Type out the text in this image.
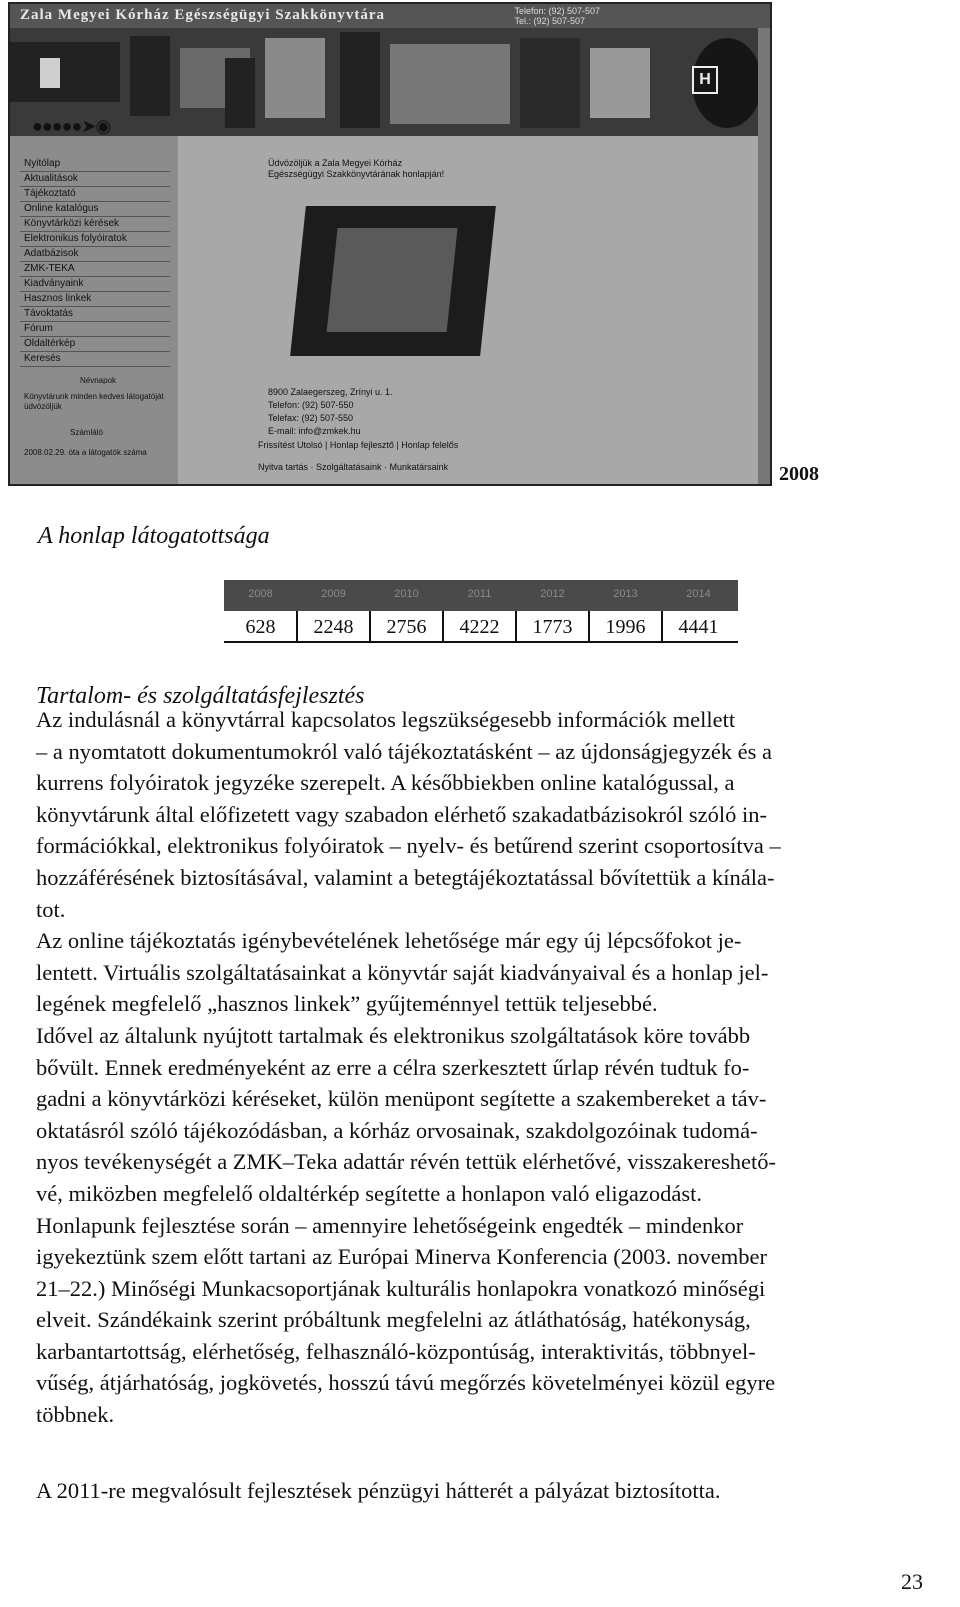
Zala Megyei Kórház Egészségügyi Szakkönyvtára	Telefon: (92) 507-507
Tel.: (92) 507-507
H
●●●●●➤◉
Nyitólap
Aktualitások
Tájékoztató
Online katalógus
Könyvtárközi kérések
Elektronikus folyóiratok
Adatbázisok
ZMK-TEKA
Kiadványaink
Hasznos linkek
Távoktatás
Fórum
Oldaltérkép
Keresés
Névnapok
Könyvtárunk minden kedves látogatóját
üdvözöljük
Számláló
2008.02.29. óta a látogatók száma
Üdvözöljük a Zala Megyei Kórház
Egészségügyi Szakkönyvtárának honlapján!
8900 Zalaegerszeg, Zrínyi u. 1.
Telefon: (92) 507-550
Telefax: (92) 507-550
E-mail: info@zmkek.hu
Frissítést Utolsó | Honlap fejlesztő | Honlap felelős
Nyitva tartás · Szolgáltatásaink · Munkatársaink	2008
A honlap látogatottsága
2008	2009	2010	2011	2012	2013	2014
628	2248	2756	4222	1773	1996	4441
Tartalom- és szolgáltatásfejlesztés
Az indulásnál a könyvtárral kapcsolatos legszükségesebb információk mellett
– a nyomtatott dokumentumokról való tájékoztatásként – az újdonságjegyzék és a
kurrens folyóiratok jegyzéke szerepelt. A későbbiekben online katalógussal, a
könyvtárunk által előfizetett vagy szabadon elérhető szakadatbázisokról szóló in-
formációkkal, elektronikus folyóiratok – nyelv- és betűrend szerint csoportosítva –
hozzáférésének biztosításával, valamint a betegtájékoztatással bővítettük a kínála-
tot.
Az online tájékoztatás igénybevételének lehetősége már egy új lépcsőfokot je-
lentett. Virtuális szolgáltatásainkat a könyvtár saját kiadványaival és a honlap jel-
legének megfelelő „hasznos linkek” gyűjteménnyel tettük teljesebbé.
Idővel az általunk nyújtott tartalmak és elektronikus szolgáltatások köre tovább
bővült. Ennek eredményeként az erre a célra szerkesztett űrlap révén tudtuk fo-
gadni a könyvtárközi kéréseket, külön menüpont segítette a szakembereket a táv-
oktatásról szóló tájékozódásban, a kórház orvosainak, szakdolgozóinak tudomá-
nyos tevékenységét a ZMK–Teka adattár révén tettük elérhetővé, visszakereshető-
vé, miközben megfelelő oldaltérkép segítette a honlapon való eligazodást.
Honlapunk fejlesztése során – amennyire lehetőségeink engedték – mindenkor
igyekeztünk szem előtt tartani az Európai Minerva Konferencia (2003. november
21–22.) Minőségi Munkacsoportjának kulturális honlapokra vonatkozó minőségi
elveit. Szándékaink szerint próbáltunk megfelelni az átláthatóság, hatékonyság,
karbantartottság, elérhetőség, felhasználó-központúság, interaktivitás, többnyel-
vűség, átjárhatóság, jogkövetés, hosszú távú megőrzés követelményei közül egyre
többnek.
A 2011-re megvalósult fejlesztések pénzügyi hátterét a pályázat biztosította.
23
